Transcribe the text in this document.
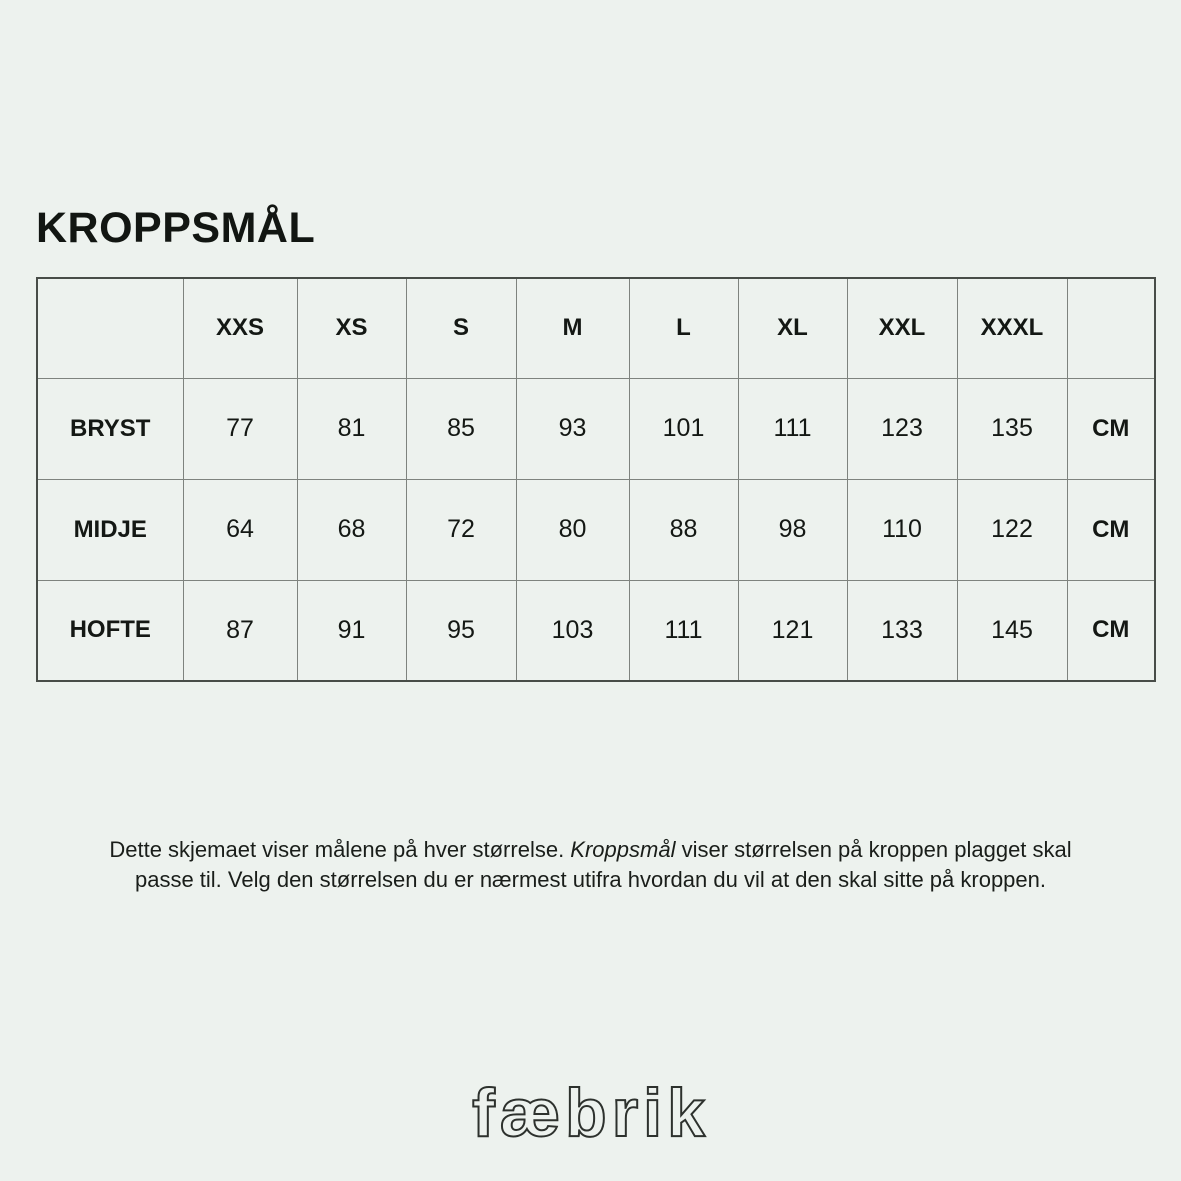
KROPPSMÅL
	XXS	XS	S	M	L	XL	XXL	XXXL	
BRYST	77	81	85	93	101	111	123	135	CM
MIDJE	64	68	72	80	88	98	110	122	CM
HOFTE	87	91	95	103	111	121	133	145	CM

Dette skjemaet viser målene på hver størrelse. Kroppsmål viser størrelsen på kroppen plagget skal passe til. Velg den størrelsen du er nærmest utifra hvordan du vil at den skal sitte på kroppen.

fæbrik
